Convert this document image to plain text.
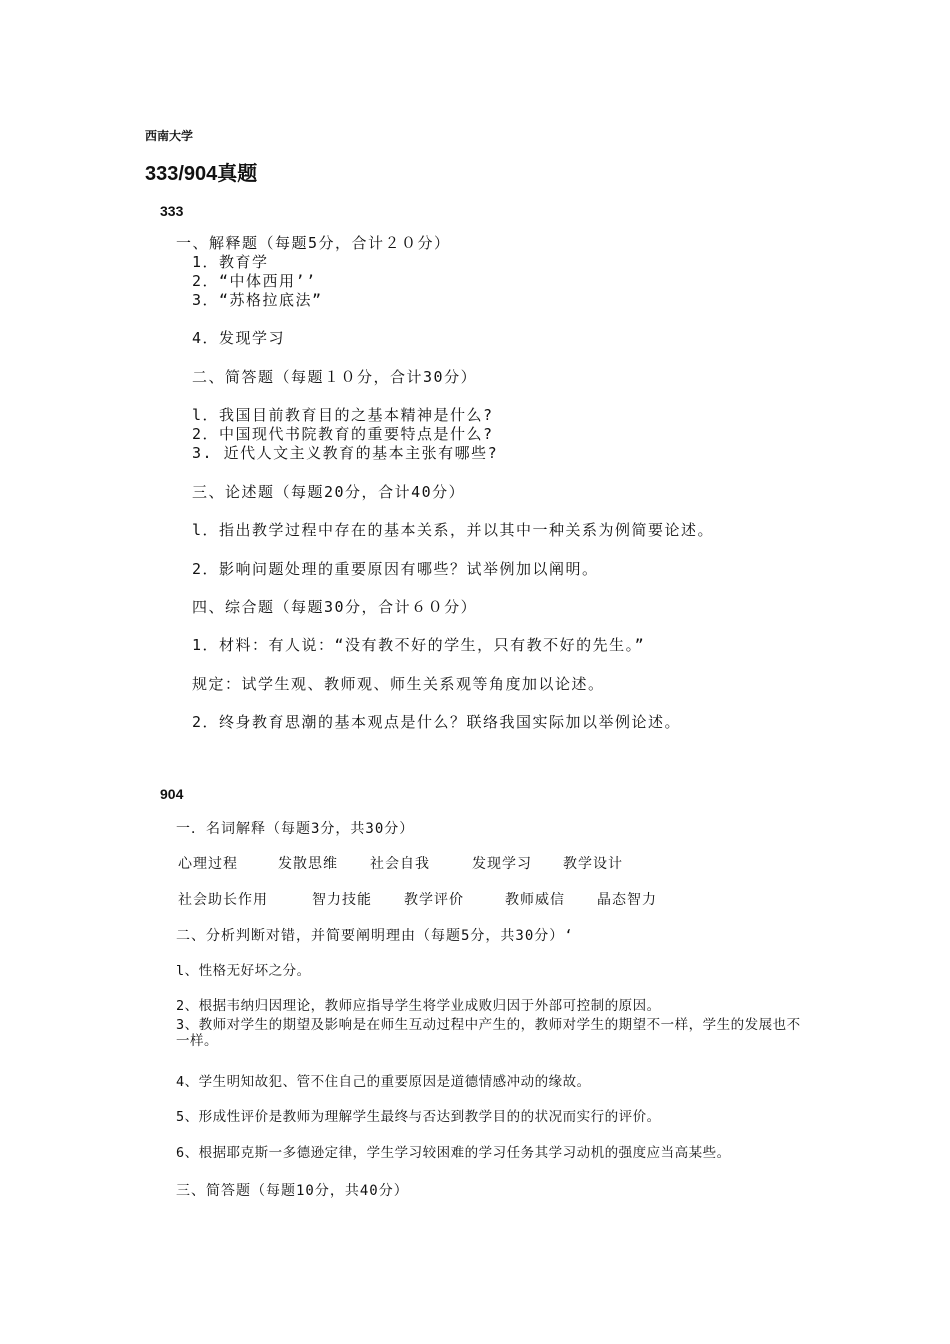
西南大学

333/904真题

333

一、解释题（每题5分，合计２０分）

1．教育学

2．“中体西用’’

3．“苏格拉底法”

4．发现学习

二、简答题（每题１０分，合计30分）

l．我国目前教育目的之基本精神是什么?

2．中国现代书院教育的重要特点是什么?

3. 近代人文主义教育的基本主张有哪些?

三、论述题（每题20分，合计40分）

l．指出教学过程中存在的基本关系，并以其中一种关系为例简要论述。

2．影响问题处理的重要原因有哪些？试举例加以阐明。

四、综合题（每题30分，合计６０分）

1．材料：有人说：“没有教不好的学生，只有教不好的先生。”

规定：试学生观、教师观、师生关系观等角度加以论述。

2．终身教育思潮的基本观点是什么？联络我国实际加以举例论述。

904

一．名词解释（每题3分，共30分）

心理过程	发散思维 社会自我	发现学习 教学设计

社会助长作用	智力技能 教学评价	教师威信 晶态智力

二、分析判断对错，并简要阐明理由（每题5分，共30分）‘

l、性格无好坏之分。

2、根据韦纳归因理论，教师应指导学生将学业成败归因于外部可控制的原因。

3、教师对学生的期望及影响是在师生互动过程中产生的，教师对学生的期望不一样，学生的发展也不一样。

4、学生明知故犯、管不住自己的重要原因是道德情感冲动的缘故。

5、形成性评价是教师为理解学生最终与否达到教学目的的状况而实行的评价。

6、根据耶克斯一多德逊定律，学生学习较困难的学习任务其学习动机的强度应当高某些。

三、简答题（每题10分，共40分）
